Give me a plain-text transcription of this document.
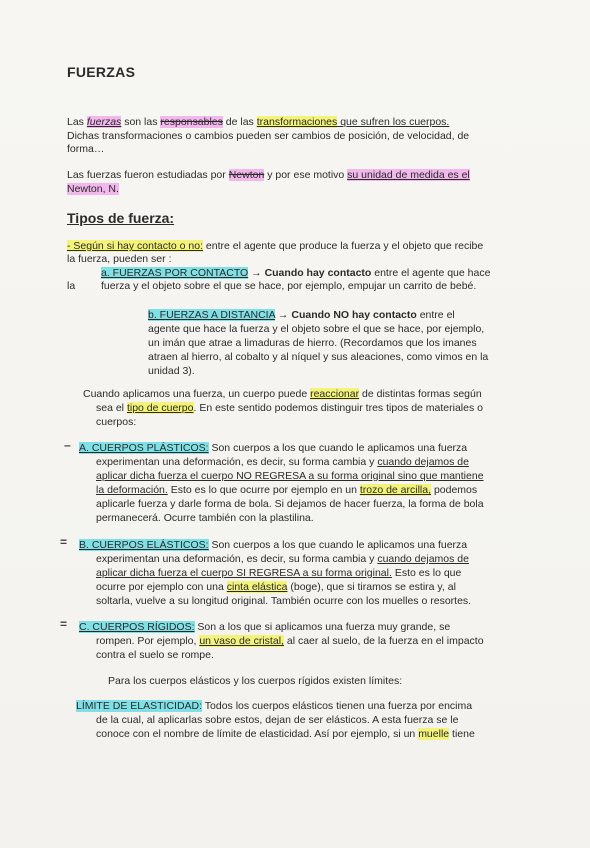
FUERZAS
Las fuerzas son las responsables de las transformaciones que sufren los cuerpos.
Dichas transformaciones o cambios pueden ser cambios de posición, de velocidad, de
forma…
Las fuerzas fueron estudiadas por Newton y por ese motivo su unidad de medida es el
Newton, N.
Tipos de fuerza:
- Según si hay contacto o no: entre el agente que produce la fuerza y el objeto que recibe
la fuerza, pueden ser :
a. FUERZAS POR CONTACTO → Cuando hay contacto entre el agente que hace
la fuerza y el objeto sobre el que se hace, por ejemplo, empujar un carrito de bebé.
b. FUERZAS A DISTANCIA → Cuando NO hay contacto entre el
agente que hace la fuerza y el objeto sobre el que se hace, por ejemplo,
un imán que atrae a limaduras de hierro. (Recordamos que los imanes
atraen al hierro, al cobalto y al níquel y sus aleaciones, como vimos en la
unidad 3).
Cuando aplicamos una fuerza, un cuerpo puede reaccionar de distintas formas según
sea el tipo de cuerpo. En este sentido podemos distinguir tres tipos de materiales o
cuerpos:
– A. CUERPOS PLÁSTICOS: Son cuerpos a los que cuando le aplicamos una fuerza
experimentan una deformación, es decir, su forma cambia y cuando dejamos de
aplicar dicha fuerza el cuerpo NO REGRESA a su forma original sino que mantiene
la deformación. Esto es lo que ocurre por ejemplo en un trozo de arcilla, podemos
aplicarle fuerza y darle forma de bola. Si dejamos de hacer fuerza, la forma de bola
permanecerá. Ocurre también con la plastilina.
= B. CUERPOS ELÁSTICOS: Son cuerpos a los que cuando le aplicamos una fuerza
experimentan una deformación, es decir, su forma cambia y cuando dejamos de
aplicar dicha fuerza el cuerpo SI REGRESA a su forma original. Esto es lo que
ocurre por ejemplo con una cinta elástica (boge), que si tiramos se estira y, al
soltarla, vuelve a su longitud original. También ocurre con los muelles o resortes.
= C. CUERPOS RÍGIDOS: Son a los que si aplicamos una fuerza muy grande, se
rompen. Por ejemplo, un vaso de cristal, al caer al suelo, de la fuerza en el impacto
contra el suelo se rompe.
Para los cuerpos elásticos y los cuerpos rígidos existen límites:
LÍMITE DE ELASTICIDAD: Todos los cuerpos elásticos tienen una fuerza por encima
de la cual, al aplicarlas sobre estos, dejan de ser elásticos. A esta fuerza se le
conoce con el nombre de límite de elasticidad. Así por ejemplo, si un muelle tiene
